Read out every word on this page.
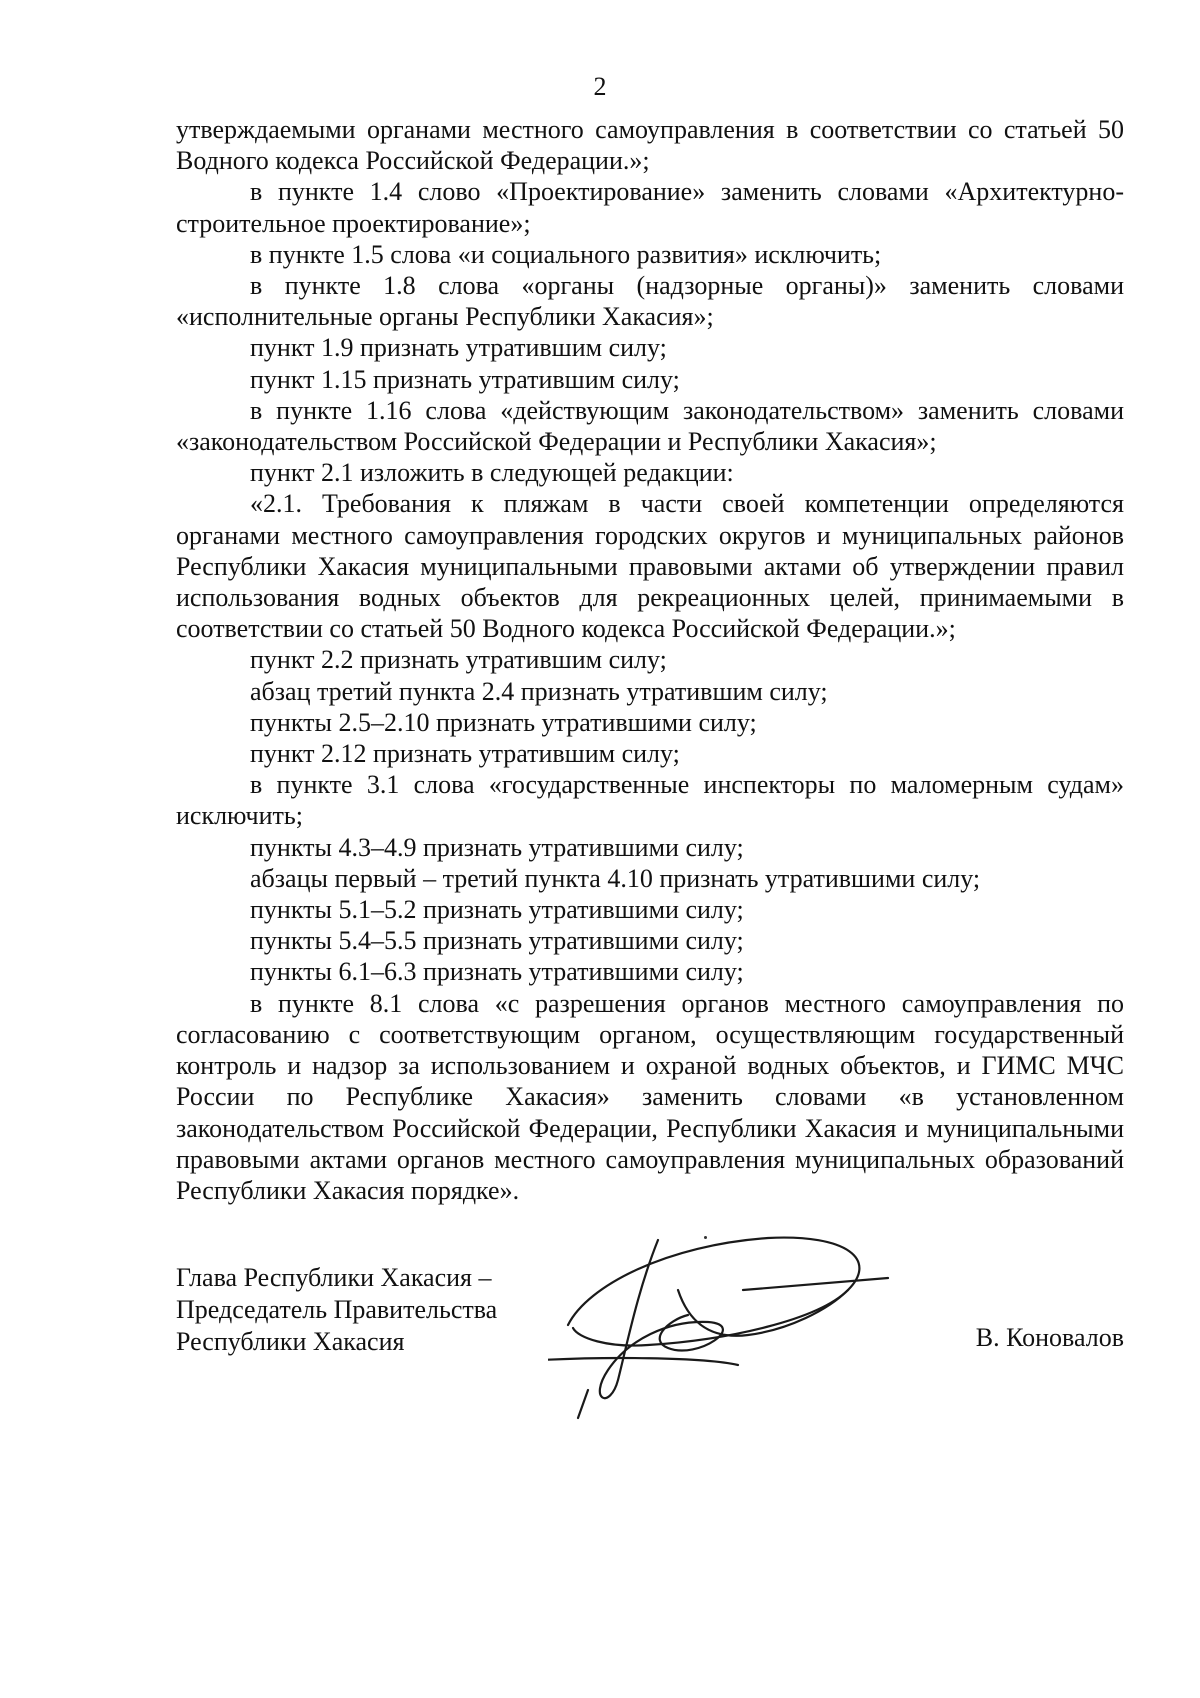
2

утверждаемыми органами местного самоуправления в соответствии со статьей 50 Водного кодекса Российской Федерации.»;

в пункте 1.4 слово «Проектирование» заменить словами «Архитектурно-строительное проектирование»;

в пункте 1.5 слова «и социального развития» исключить;

в пункте 1.8 слова «органы (надзорные органы)» заменить словами «исполнительные органы Республики Хакасия»;

пункт 1.9 признать утратившим силу;

пункт 1.15 признать утратившим силу;

в пункте 1.16 слова «действующим законодательством» заменить словами «законодательством Российской Федерации и Республики Хакасия»;

пункт 2.1 изложить в следующей редакции:

«2.1. Требования к пляжам в части своей компетенции определяются органами местного самоуправления городских округов и муниципальных районов Республики Хакасия муниципальными правовыми актами об утверждении правил использования водных объектов для рекреационных целей, принимаемыми в соответствии со статьей 50 Водного кодекса Российской Федерации.»;

пункт 2.2 признать утратившим силу;

абзац третий пункта 2.4 признать утратившим силу;

пункты 2.5–2.10 признать утратившими силу;

пункт 2.12 признать утратившим силу;

в пункте 3.1 слова «государственные инспекторы по маломерным судам» исключить;

пункты 4.3–4.9 признать утратившими силу;

абзацы первый – третий пункта 4.10 признать утратившими силу;

пункты 5.1–5.2 признать утратившими силу;

пункты 5.4–5.5 признать утратившими силу;

пункты 6.1–6.3 признать утратившими силу;

в пункте 8.1 слова «с разрешения органов местного самоуправления по согласованию с соответствующим органом, осуществляющим государственный контроль и надзор за использованием и охраной водных объектов, и ГИМС МЧС России по Республике Хакасия» заменить словами «в установленном законодательством Российской Федерации, Республики Хакасия и муниципальными правовыми актами органов местного самоуправления муниципальных образований Республики Хакасия порядке».

Глава Республики Хакасия –
Председатель Правительства
Республики Хакасия	В. Коновалов
